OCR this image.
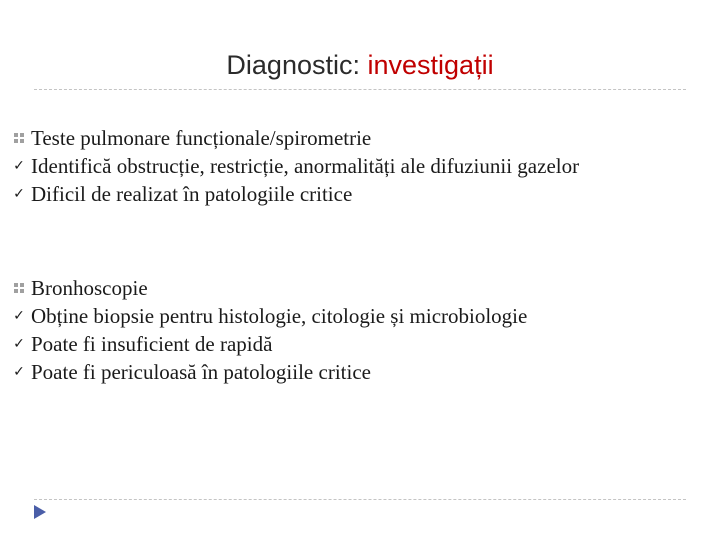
Diagnostic: investigații
Teste pulmonare funcționale/spirometrie
✓ Identifică obstrucție, restricție, anormalități ale difuziunii gazelor
✓ Dificil de realizat în patologiile critice
Bronhoscopie
✓ Obține biopsie pentru histologie, citologie și microbiologie
✓ Poate fi insuficient de rapidă
✓ Poate fi periculoasă în patologiile critice
